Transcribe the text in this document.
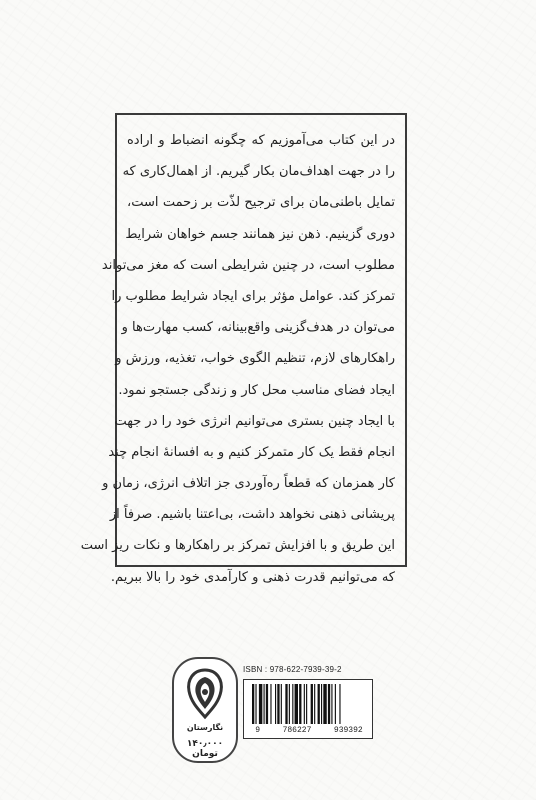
در این کتاب می‌آموزیم که چگونه انضباط و اراده
را در جهت اهداف‌مان بکار گیریم. از اهمال‌کاری که
تمایل باطنی‌مان برای ترجیح لذّت بر زحمت است،
دوری گزینیم. ذهن نیز همانند جسم خواهان شرایط
مطلوب است، در چنین شرایطی است که مغز می‌تواند
تمرکز کند. عوامل مؤثر برای ایجاد شرایط مطلوب را
می‌توان در هدف‌گزینی واقع‌بینانه، کسب مهارت‌ها و
راهکارهای لازم، تنظیم الگوی خواب، تغذیه، ورزش و
ایجاد فضای مناسب محل کار و زندگی جستجو نمود.
با ایجاد چنین بستری می‌توانیم انرژی خود را در جهت
انجام فقط یک کار متمرکز کنیم و به افسانهٔ انجام چند
کار همزمان که قطعاً ره‌آوردی جز اتلاف انرژی، زمان و
پریشانی ذهنی نخواهد داشت، بی‌اعتنا باشیم. صرفاً از
این طریق و با افزایش تمرکز بر راهکارها و نکات ریز است
که می‌توانیم قدرت ذهنی و کارآمدی خود را بالا ببریم.
نگارستان
۱۴۰٫۰۰۰ تومان
ISBN : 978-622-7939-39-2
9	786227	939392
